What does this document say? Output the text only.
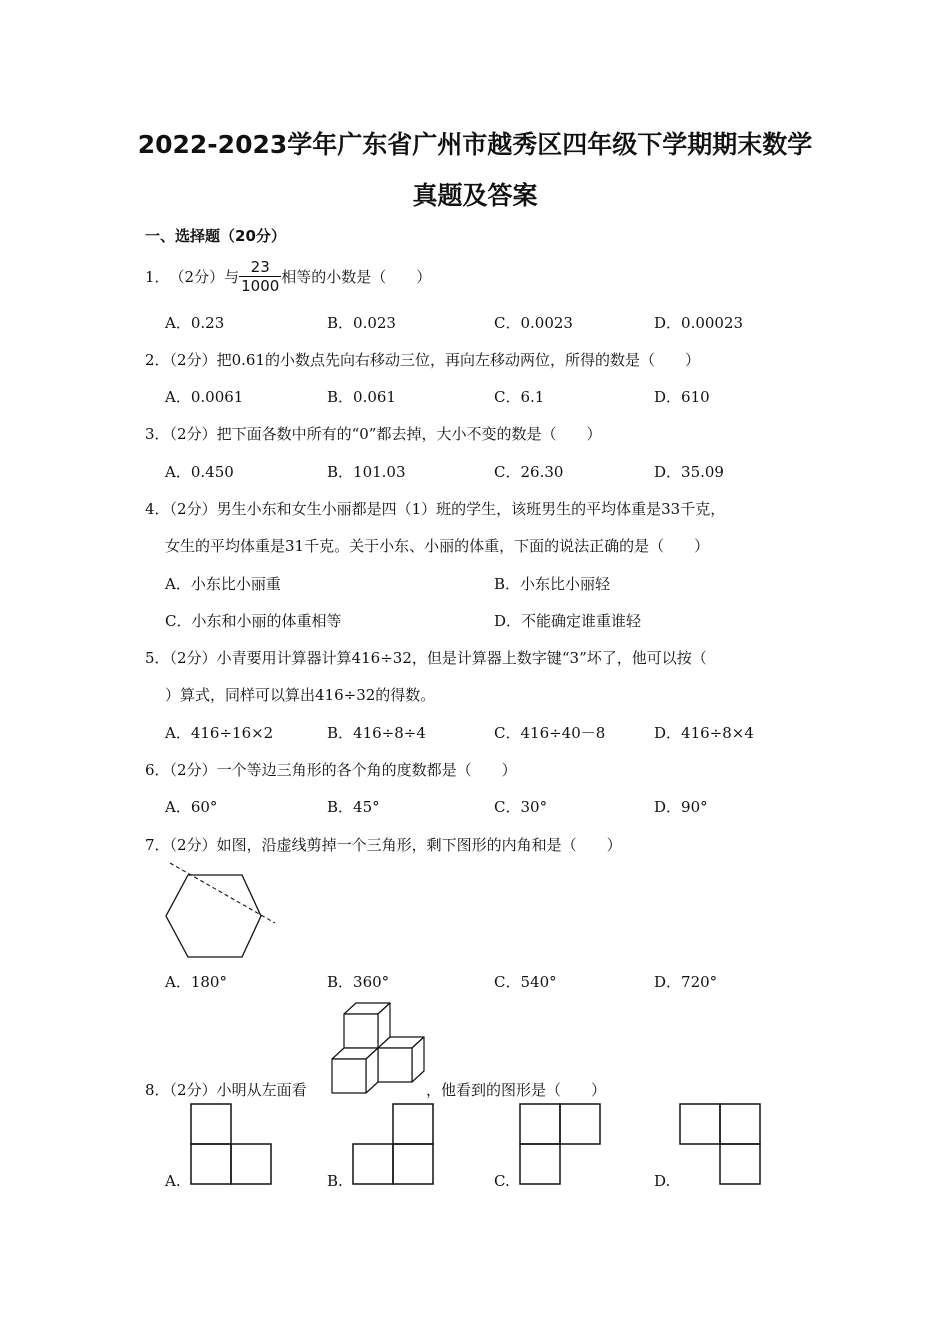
2022-2023学年广东省广州市越秀区四年级下学期期末数学
真题及答案
一、选择题（20分）
1． （2分） 与 $\frac{23}{1000}$ 相等的小数是（　　）
A．0.23	B．0.023	C．0.0023	D．0.00023
2．（2分）把0.61的小数点先向右移动三位，再向左移动两位，所得的数是（　　）
A．0.0061	B．0.061	C．6.1	D．610
3．（2分）把下面各数中所有的“0”都去掉，大小不变的数是（　　）
A．0.450	B．101.03	C．26.30	D．35.09
4．（2分）男生小东和女生小丽都是四（1）班的学生，该班男生的平均体重是33千克，
女生的平均体重是31千克。关于小东、小丽的体重，下面的说法正确的是（　　）
A．小东比小丽重	B．小东比小丽轻
C．小东和小丽的体重相等	D．不能确定谁重谁轻
5．（2分）小青要用计算器计算416÷32，但是计算器上数字键“3”坏了，他可以按（
）算式，同样可以算出416÷32的得数。
A．416÷16×2	B．416÷8÷4	C．416÷40－8	D．416÷8×4
6．（2分）一个等边三角形的各个角的度数都是（　　）
A．60°	B．45°	C．30°	D．90°
7．（2分）如图，沿虚线剪掉一个三角形，剩下图形的内角和是（　　）
A．180°	B．360°	C．540°	D．720°
8．（2分）小明从左面看	，他看到的图形是（　　）
A.	B.	C.	D.
